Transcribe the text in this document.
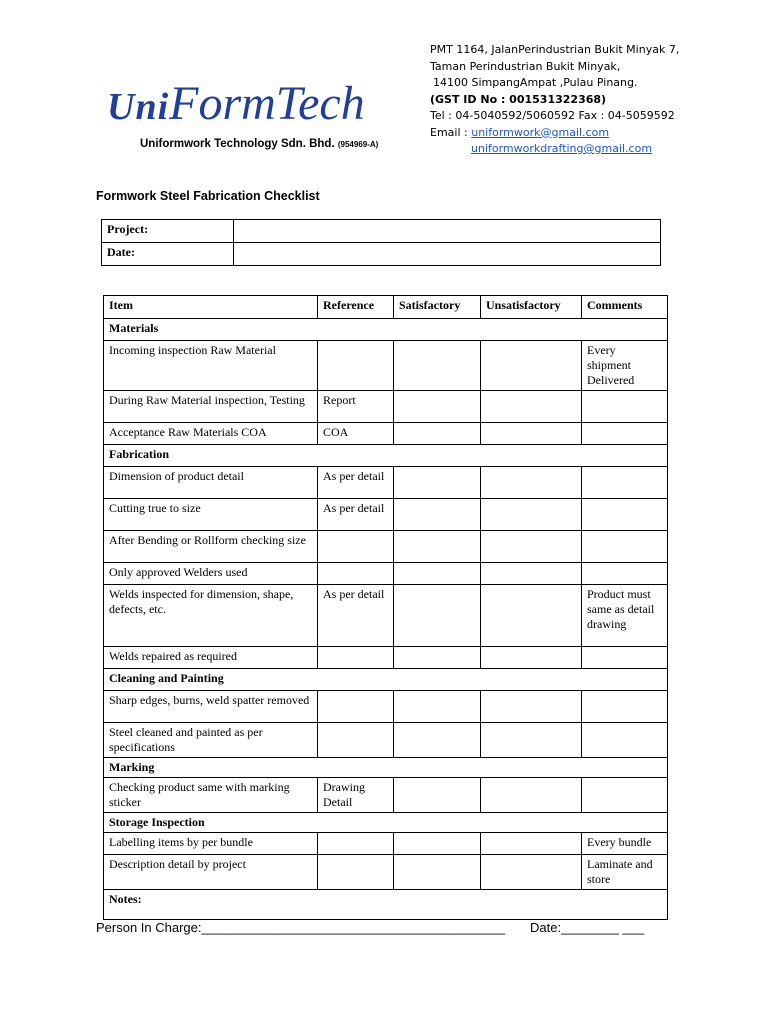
UniFormTech
Uniformwork Technology Sdn. Bhd. (954969-A)
PMT 1164, JalanPerindustrian Bukit Minyak 7,
Taman Perindustrian Bukit Minyak,
14100 SimpangAmpat ,Pulau Pinang.
(GST ID No : 001531322368)
Tel : 04-5040592/5060592 Fax : 04-5059592
Email : uniformwork@gmail.com
uniformworkdrafting@gmail.com
Formwork Steel Fabrication Checklist
Project:	
Date:	
Item	Reference	Satisfactory	Unsatisfactory	Comments
Materials				
Incoming inspection Raw Material				Every shipment Delivered
During Raw Material inspection, Testing	Report			
Acceptance Raw Materials COA	COA			
Fabrication				
Dimension of product detail	As per detail			
Cutting true to size	As per detail			
After Bending or Rollform checking size				
Only approved Welders used				
Welds inspected for dimension, shape, defects, etc.	As per detail			Product must same as detail drawing
Welds repaired as required				
Cleaning and Painting				
Sharp edges, burns, weld spatter removed				
Steel cleaned and painted as per specifications				
Marking				
Checking product same with marking sticker	Drawing Detail			
Storage Inspection				
Labelling items by per bundle				Every bundle
Description detail by project				Laminate and store
Notes:				
Person In Charge:__________________________________________ Date:________ ___
